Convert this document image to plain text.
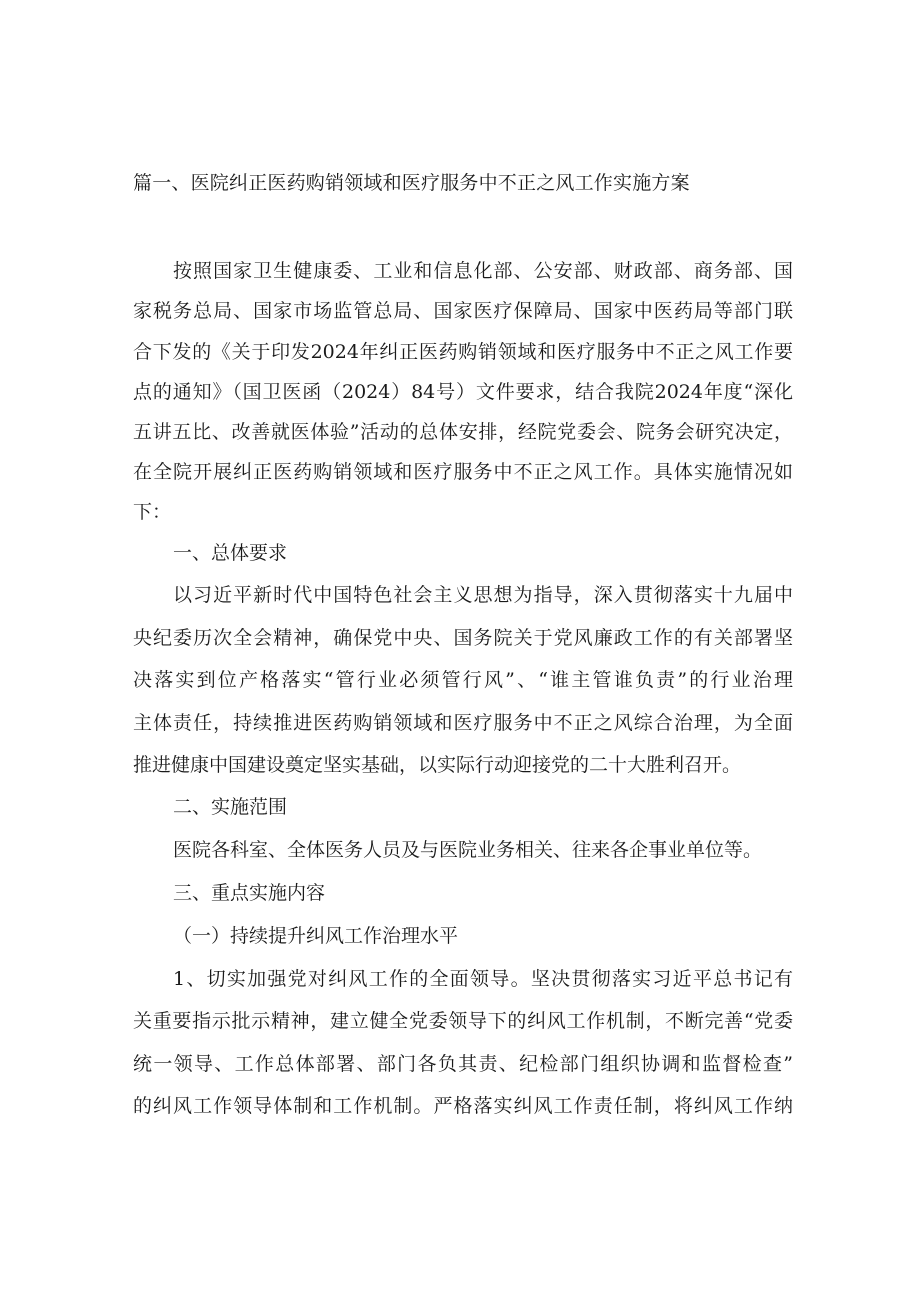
篇一、医院纠正医药购销领域和医疗服务中不正之风工作实施方案

按照国家卫生健康委、工业和信息化部、公安部、财政部、商务部、国

家税务总局、国家市场监管总局、国家医疗保障局、国家中医药局等部门联

合下发的《关于印发2024年纠正医药购销领域和医疗服务中不正之风工作要

点的通知》（国卫医函（2024）84号）文件要求，结合我院2024年度“深化

五讲五比、改善就医体验”活动的总体安排，经院党委会、院务会研究决定，

在全院开展纠正医药购销领域和医疗服务中不正之风工作。具体实施情况如

下：

一、总体要求

以习近平新时代中国特色社会主义思想为指导，深入贯彻落实十九届中

央纪委历次全会精神，确保党中央、国务院关于党风廉政工作的有关部署坚

决落实到位产格落实“管行业必须管行风”、“谁主管谁负责”的行业治理

主体责任，持续推进医药购销领域和医疗服务中不正之风综合治理，为全面

推进健康中国建设奠定坚实基础，以实际行动迎接党的二十大胜利召开。

二、实施范围

医院各科室、全体医务人员及与医院业务相关、往来各企事业单位等。

三、重点实施内容

（一）持续提升纠风工作治理水平

1、切实加强党对纠风工作的全面领导。坚决贯彻落实习近平总书记有

关重要指示批示精神，建立健全党委领导下的纠风工作机制，不断完善“党委

统一领导、工作总体部署、部门各负其责、纪检部门组织协调和监督检查”

的纠风工作领导体制和工作机制。严格落实纠风工作责任制，将纠风工作纳
